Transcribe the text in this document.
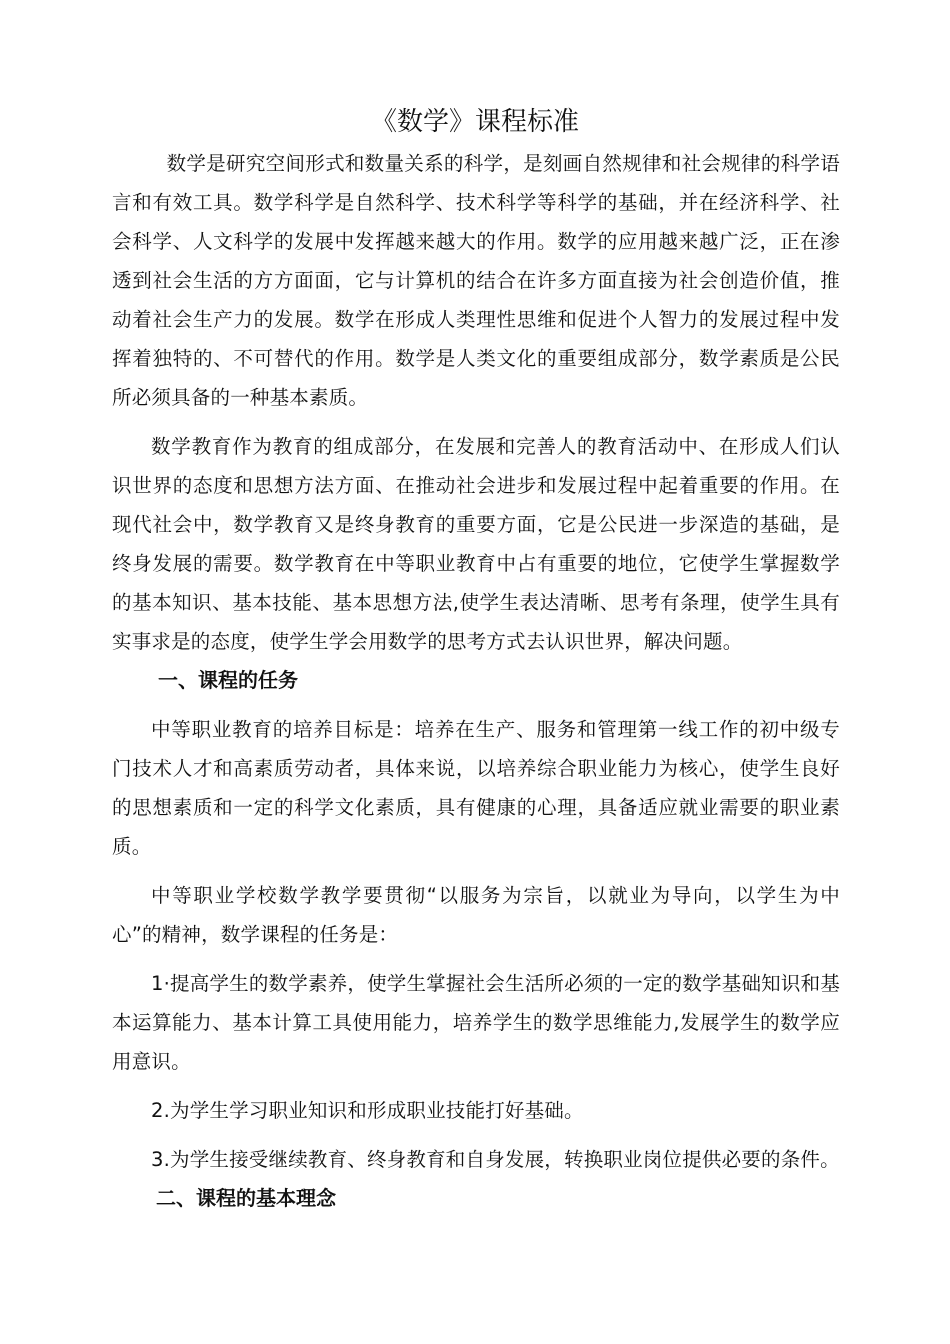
《数学》课程标准

数学是研究空间形式和数量关系的科学，是刻画自然规律和社会规律的科学语言和有效工具。数学科学是自然科学、技术科学等科学的基础，并在经济科学、社会科学、人文科学的发展中发挥越来越大的作用。数学的应用越来越广泛，正在渗透到社会生活的方方面面，它与计算机的结合在许多方面直接为社会创造价值，推动着社会生产力的发展。数学在形成人类理性思维和促进个人智力的发展过程中发挥着独特的、不可替代的作用。数学是人类文化的重要组成部分，数学素质是公民所必须具备的一种基本素质。

数学教育作为教育的组成部分，在发展和完善人的教育活动中、在形成人们认识世界的态度和思想方法方面、在推动社会进步和发展过程中起着重要的作用。在现代社会中，数学教育又是终身教育的重要方面，它是公民进一步深造的基础，是终身发展的需要。数学教育在中等职业教育中占有重要的地位，它使学生掌握数学的基本知识、基本技能、基本思想方法,使学生表达清晰、思考有条理，使学生具有实事求是的态度，使学生学会用数学的思考方式去认识世界，解决问题。

一、课程的任务

中等职业教育的培养目标是：培养在生产、服务和管理第一线工作的初中级专门技术人才和高素质劳动者，具体来说，以培养综合职业能力为核心，使学生良好的思想素质和一定的科学文化素质，具有健康的心理，具备适应就业需要的职业素质。

中等职业学校数学教学要贯彻“以服务为宗旨，以就业为导向，以学生为中心”的精神，数学课程的任务是：

1·提高学生的数学素养，使学生掌握社会生活所必须的一定的数学基础知识和基本运算能力、基本计算工具使用能力，培养学生的数学思维能力,发展学生的数学应用意识。

2.为学生学习职业知识和形成职业技能打好基础。

3.为学生接受继续教育、终身教育和自身发展，转换职业岗位提供必要的条件。

二、课程的基本理念
